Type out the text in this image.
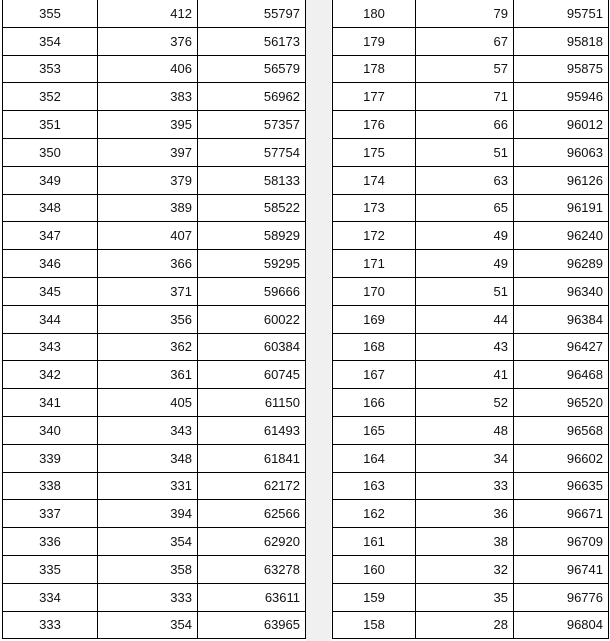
355	412	55797
354	376	56173
353	406	56579
352	383	56962
351	395	57357
350	397	57754
349	379	58133
348	389	58522
347	407	58929
346	366	59295
345	371	59666
344	356	60022
343	362	60384
342	361	60745
341	405	61150
340	343	61493
339	348	61841
338	331	62172
337	394	62566
336	354	62920
335	358	63278
334	333	63611
333	354	63965
180	79	95751
179	67	95818
178	57	95875
177	71	95946
176	66	96012
175	51	96063
174	63	96126
173	65	96191
172	49	96240
171	49	96289
170	51	96340
169	44	96384
168	43	96427
167	41	96468
166	52	96520
165	48	96568
164	34	96602
163	33	96635
162	36	96671
161	38	96709
160	32	96741
159	35	96776
158	28	96804
